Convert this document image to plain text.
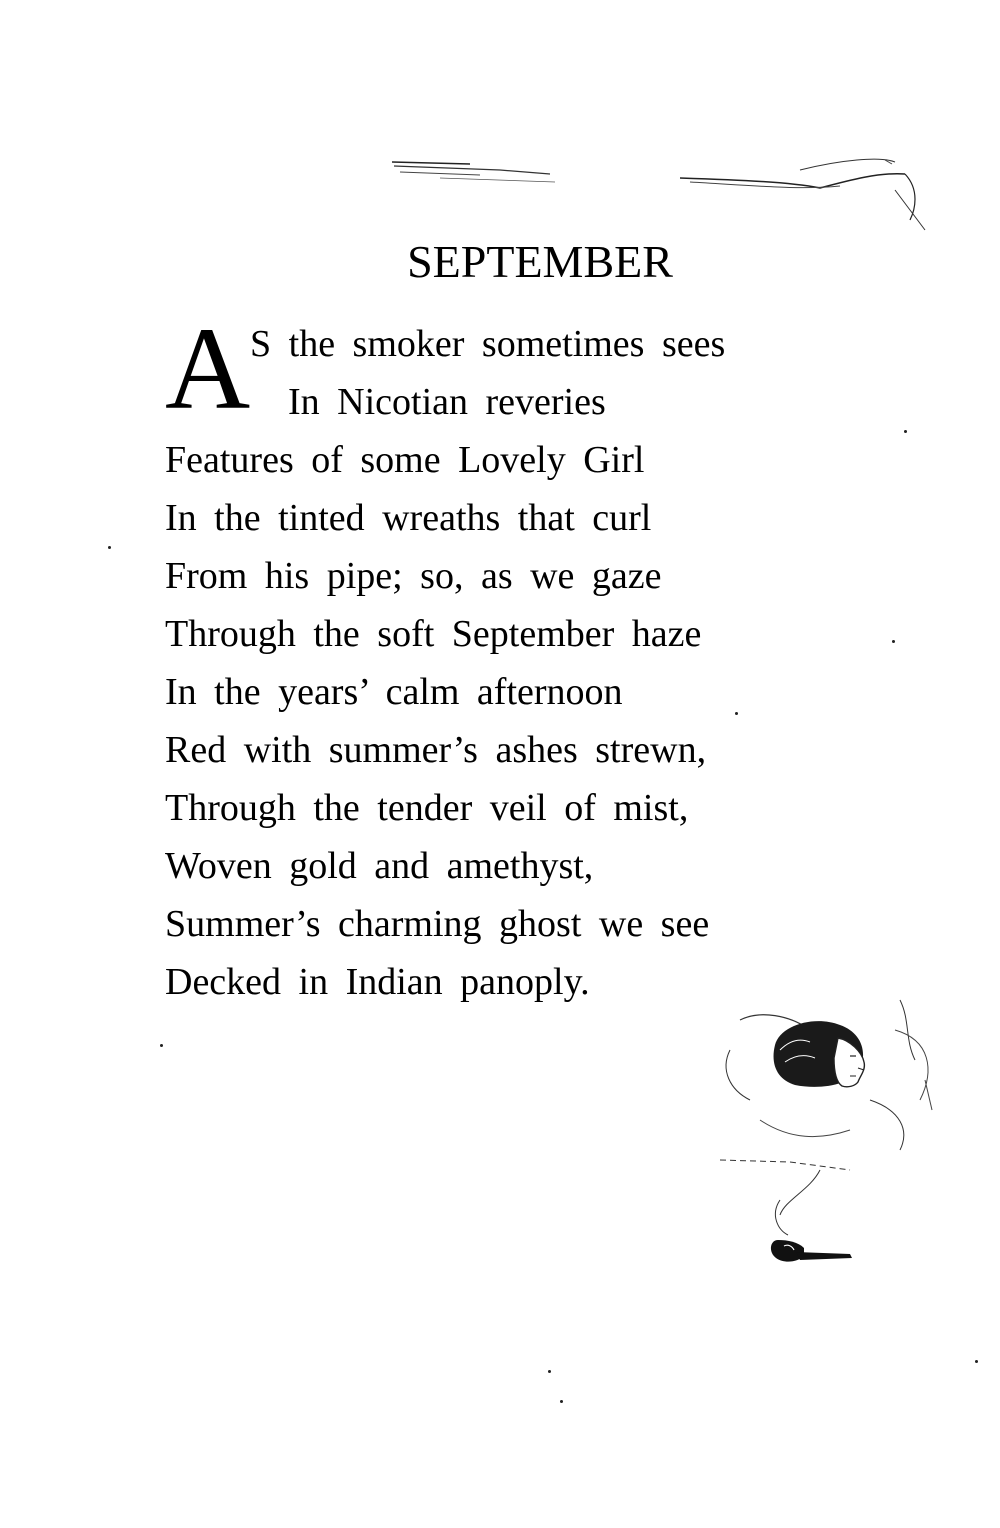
SEPTEMBER
A S the smoker sometimes sees
In Nicotian reveries
Features of some Lovely Girl
In the tinted wreaths that curl
From his pipe; so, as we gaze
Through the soft September haze
In the years’ calm afternoon
Red with summer’s ashes strewn,
Through the tender veil of mist,
Woven gold and amethyst,
Summer’s charming ghost we see
Decked in Indian panoply.
